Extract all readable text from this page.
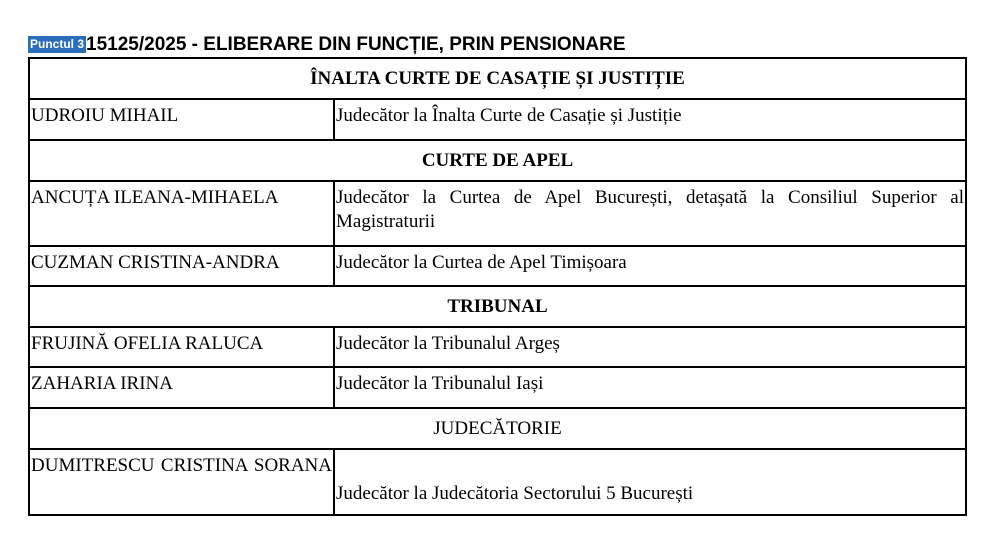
Punctul 3 15125/2025 - ELIBERARE DIN FUNCȚIE, PRIN PENSIONARE
ÎNALTA CURTE DE CASAȚIE ȘI JUSTIȚIE	
UDROIU MIHAIL	Judecător la Înalta Curte de Casație și Justiție
CURTE DE APEL	
ANCUȚA ILEANA-MIHAELA	Judecător la Curtea de Apel București, detașată la Consiliul Superior al Magistraturii
CUZMAN CRISTINA-ANDRA	Judecător la Curtea de Apel Timișoara
TRIBUNAL	
FRUJINĂ OFELIA RALUCA	Judecător la Tribunalul Argeș
ZAHARIA IRINA	Judecător la Tribunalul Iași
JUDECĂTORIE	
DUMITRESCU CRISTINA SORANA	Judecător la Judecătoria Sectorului 5 București
